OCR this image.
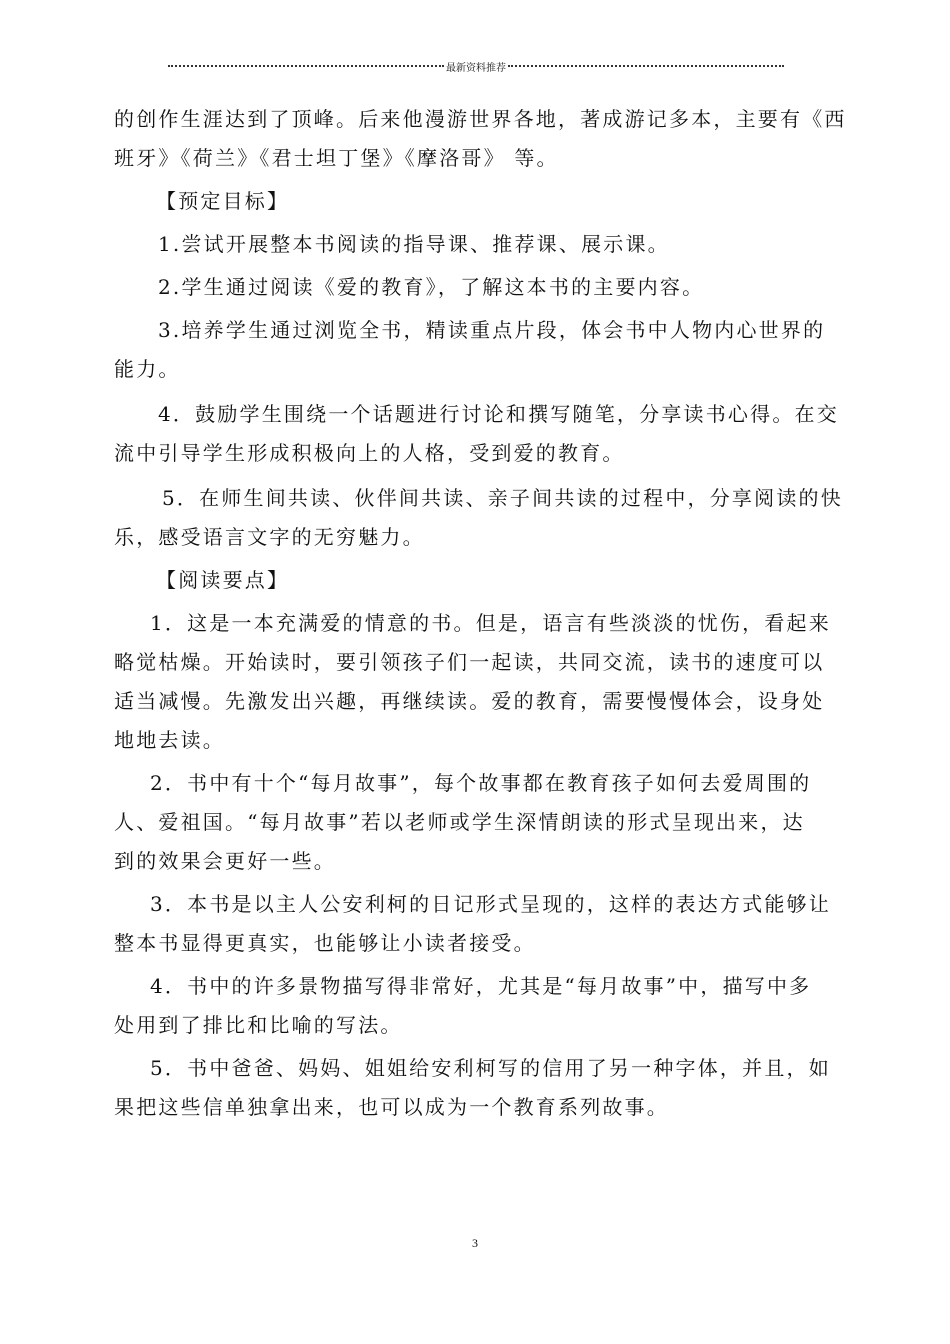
最新资料推荐
的创作生涯达到了顶峰。后来他漫游世界各地，著成游记多本，主要有《西
班牙》《荷兰》《君士坦丁堡》《摩洛哥》 等。
【预定目标】
1.尝试开展整本书阅读的指导课、推荐课、展示课。
2.学生通过阅读《爱的教育》，了解这本书的主要内容。
3.培养学生通过浏览全书，精读重点片段，体会书中人物内心世界的
能力。
4．鼓励学生围绕一个话题进行讨论和撰写随笔，分享读书心得。在交
流中引导学生形成积极向上的人格，受到爱的教育。
5．在师生间共读、伙伴间共读、亲子间共读的过程中，分享阅读的快
乐，感受语言文字的无穷魅力。
【阅读要点】
1．这是一本充满爱的情意的书。但是，语言有些淡淡的忧伤，看起来
略觉枯燥。开始读时，要引领孩子们一起读，共同交流，读书的速度可以
适当减慢。先激发出兴趣，再继续读。爱的教育，需要慢慢体会，设身处
地地去读。
2．书中有十个“每月故事”，每个故事都在教育孩子如何去爱周围的
人、爱祖国。“每月故事”若以老师或学生深情朗读的形式呈现出来，达
到的效果会更好一些。
3．本书是以主人公安利柯的日记形式呈现的，这样的表达方式能够让
整本书显得更真实，也能够让小读者接受。
4．书中的许多景物描写得非常好，尤其是“每月故事”中，描写中多
处用到了排比和比喻的写法。
5．书中爸爸、妈妈、姐姐给安利柯写的信用了另一种字体，并且，如
果把这些信单独拿出来，也可以成为一个教育系列故事。
3
